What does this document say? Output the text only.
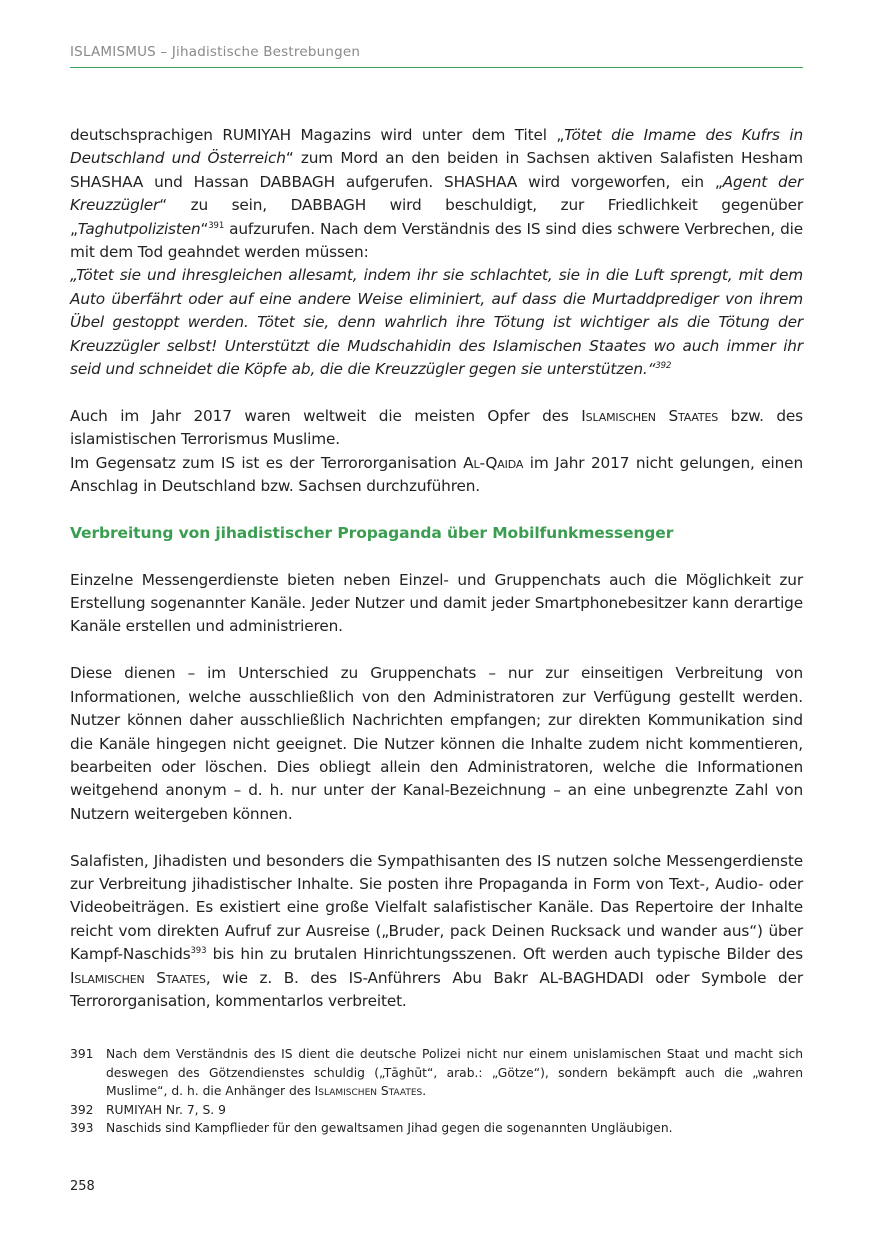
ISLAMISMUS – Jihadistische Bestrebungen

deutschsprachigen RUMIYAH Magazins wird unter dem Titel „Tötet die Imame des Kufrs in Deutschland und Österreich“ zum Mord an den beiden in Sachsen aktiven Salafisten Hesham SHASHAA und Hassan DABBAGH aufgerufen. SHASHAA wird vorgeworfen, ein „Agent der Kreuzzügler“ zu sein, DABBAGH wird beschuldigt, zur Friedlichkeit gegenüber „Taghutpolizisten“$^{391}$ aufzurufen. Nach dem Verständnis des IS sind dies schwere Verbrechen, die mit dem Tod geahndet werden müssen:

„Tötet sie und ihresgleichen allesamt, indem ihr sie schlachtet, sie in die Luft sprengt, mit dem Auto überfährt oder auf eine andere Weise eliminiert, auf dass die Murtaddprediger von ihrem Übel gestoppt werden. Tötet sie, denn wahrlich ihre Tötung ist wichtiger als die Tötung der Kreuzzügler selbst! Unterstützt die Mudschahidin des Islamischen Staates wo auch immer ihr seid und schneidet die Köpfe ab, die die Kreuzzügler gegen sie unterstützen.“$^{392}$

Auch im Jahr 2017 waren weltweit die meisten Opfer des Islamischen Staates bzw. des islamistischen Terrorismus Muslime.

Im Gegensatz zum IS ist es der Terrororganisation Al-Qaida im Jahr 2017 nicht gelungen, einen Anschlag in Deutschland bzw. Sachsen durchzuführen.

Verbreitung von jihadistischer Propaganda über Mobilfunkmessenger

Einzelne Messengerdienste bieten neben Einzel- und Gruppenchats auch die Möglichkeit zur Erstellung sogenannter Kanäle. Jeder Nutzer und damit jeder Smartphonebesitzer kann derartige Kanäle erstellen und administrieren.

Diese dienen – im Unterschied zu Gruppenchats – nur zur einseitigen Verbreitung von Informationen, welche ausschließlich von den Administratoren zur Verfügung gestellt werden. Nutzer können daher ausschließlich Nachrichten empfangen; zur direkten Kommunikation sind die Kanäle hingegen nicht geeignet. Die Nutzer können die Inhalte zudem nicht kommentieren, bearbeiten oder löschen. Dies obliegt allein den Administratoren, welche die Informationen weitgehend anonym – d. h. nur unter der Kanal-Bezeichnung – an eine unbegrenzte Zahl von Nutzern weitergeben können.

Salafisten, Jihadisten und besonders die Sympathisanten des IS nutzen solche Messengerdienste zur Verbreitung jihadistischer Inhalte. Sie posten ihre Propaganda in Form von Text-, Audio- oder Videobeiträgen. Es existiert eine große Vielfalt salafistischer Kanäle. Das Repertoire der Inhalte reicht vom direkten Aufruf zur Ausreise („Bruder, pack Deinen Rucksack und wander aus“) über Kampf-Naschids$^{393}$ bis hin zu brutalen Hinrichtungsszenen. Oft werden auch typische Bilder des Islamischen Staates, wie z. B. des IS-Anführers Abu Bakr AL-BAGHDADI oder Symbole der Terrororganisation, kommentarlos verbreitet.

391	Nach dem Verständnis des IS dient die deutsche Polizei nicht nur einem unislamischen Staat und macht sich deswegen des Götzendienstes schuldig („Tāghūt“, arab.: „Götze“), sondern bekämpft auch die „wahren Muslime“, d. h. die Anhänger des Islamischen Staates.
392	RUMIYAH Nr. 7, S. 9
393	Naschids sind Kampflieder für den gewaltsamen Jihad gegen die sogenannten Ungläubigen.
258
